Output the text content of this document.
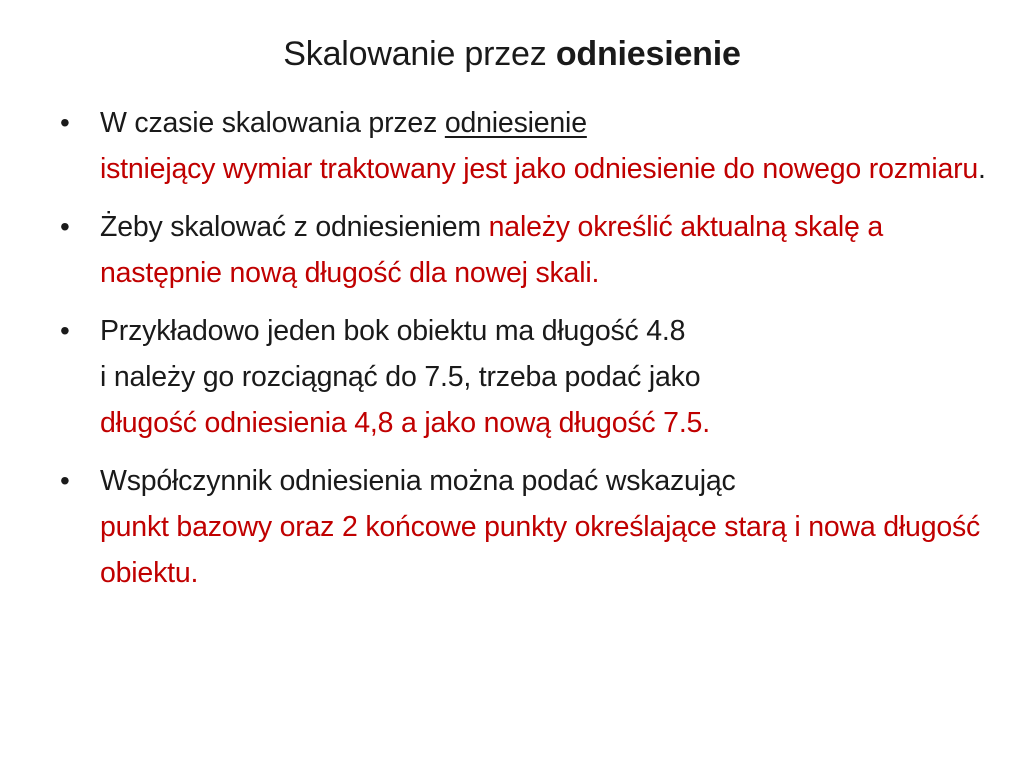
Skalowanie przez odniesienie
• W czasie skalowania przez odniesienie
istniejący wymiar traktowany jest jako odniesienie do nowego rozmiaru.
• Żeby skalować z odniesieniem należy określić aktualną skalę a następnie nową długość dla nowej skali.
• Przykładowo jeden bok obiektu ma długość 4.8
i należy go rozciągnąć do 7.5, trzeba podać jako
długość odniesienia 4,8 a jako nową długość 7.5.
• Współczynnik odniesienia można podać wskazując
punkt bazowy oraz 2 końcowe punkty określające starą i nowa długość obiektu.
